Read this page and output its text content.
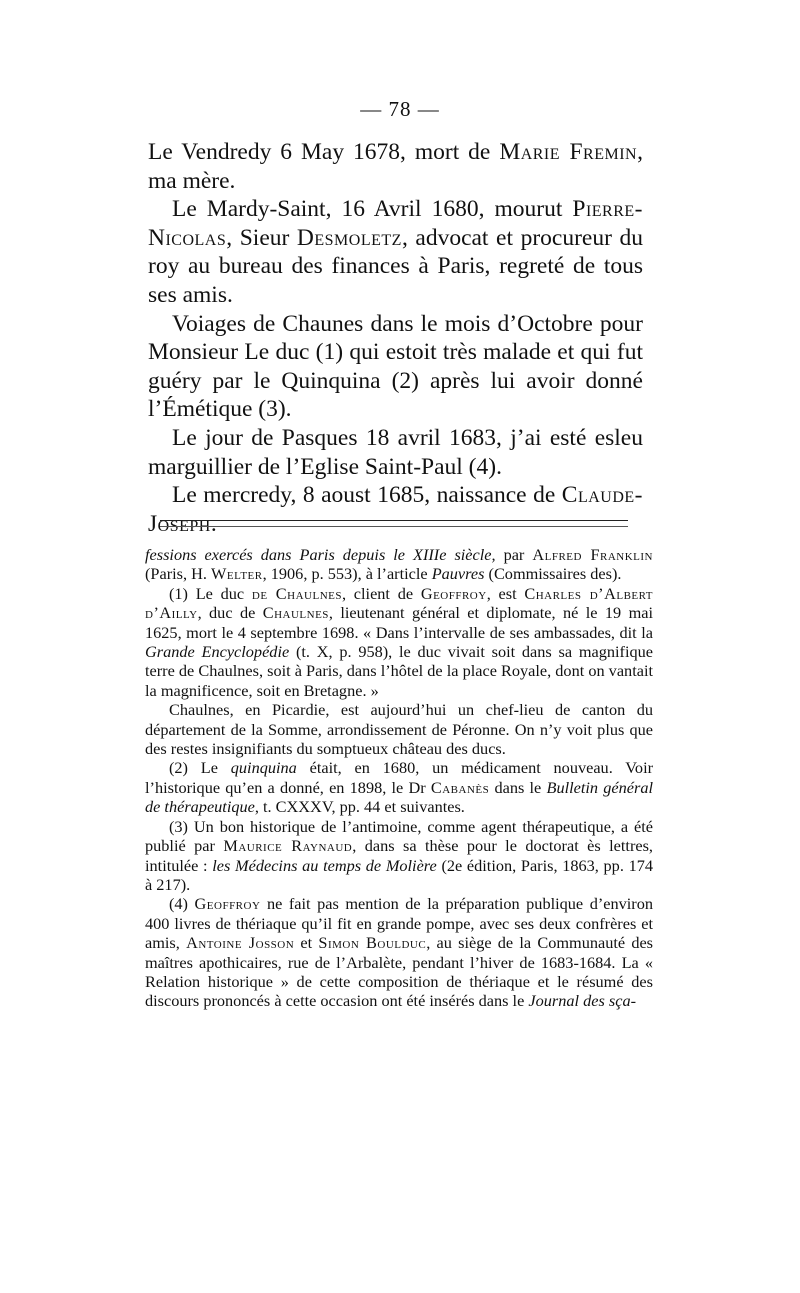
— 78 —

Le Vendredy 6 May 1678, mort de Marie Fremin, ma mère.

Le Mardy-Saint, 16 Avril 1680, mourut Pierre-Nicolas, Sieur Desmoletz, advocat et procureur du roy au bureau des finances à Paris, regreté de tous ses amis.

Voiages de Chaunes dans le mois d’Octobre pour Monsieur Le duc (1) qui estoit très malade et qui fut guéry par le Quinquina (2) après lui avoir donné l’Émétique (3).

Le jour de Pasques 18 avril 1683, j’ai esté esleu marguillier de l’Eglise Saint-Paul (4).

Le mercredy, 8 aoust 1685, naissance de Claude-Joseph.

fessions exercés dans Paris depuis le XIIIe siècle, par Alfred Franklin (Paris, H. Welter, 1906, p. 553), à l’article Pauvres (Commissaires des).

(1) Le duc de Chaulnes, client de Geoffroy, est Charles d’Albert d’Ailly, duc de Chaulnes, lieutenant général et diplomate, né le 19 mai 1625, mort le 4 septembre 1698. « Dans l’intervalle de ses ambassades, dit la Grande Encyclopédie (t. X, p. 958), le duc vivait soit dans sa magnifique terre de Chaulnes, soit à Paris, dans l’hôtel de la place Royale, dont on vantait la magnificence, soit en Bretagne. »

Chaulnes, en Picardie, est aujourd’hui un chef-lieu de canton du département de la Somme, arrondissement de Péronne. On n’y voit plus que des restes insignifiants du somptueux château des ducs.

(2) Le quinquina était, en 1680, un médicament nouveau. Voir l’historique qu’en a donné, en 1898, le Dr Cabanès dans le Bulletin général de thérapeutique, t. CXXXV, pp. 44 et suivantes.

(3) Un bon historique de l’antimoine, comme agent thérapeutique, a été publié par Maurice Raynaud, dans sa thèse pour le doctorat ès lettres, intitulée : les Médecins au temps de Molière (2e édition, Paris, 1863, pp. 174 à 217).

(4) Geoffroy ne fait pas mention de la préparation publique d’environ 400 livres de thériaque qu’il fit en grande pompe, avec ses deux confrères et amis, Antoine Josson et Simon Boulduc, au siège de la Communauté des maîtres apothicaires, rue de l’Arbalète, pendant l’hiver de 1683-1684. La « Relation historique » de cette composition de thériaque et le résumé des discours prononcés à cette occasion ont été insérés dans le Journal des sça-
